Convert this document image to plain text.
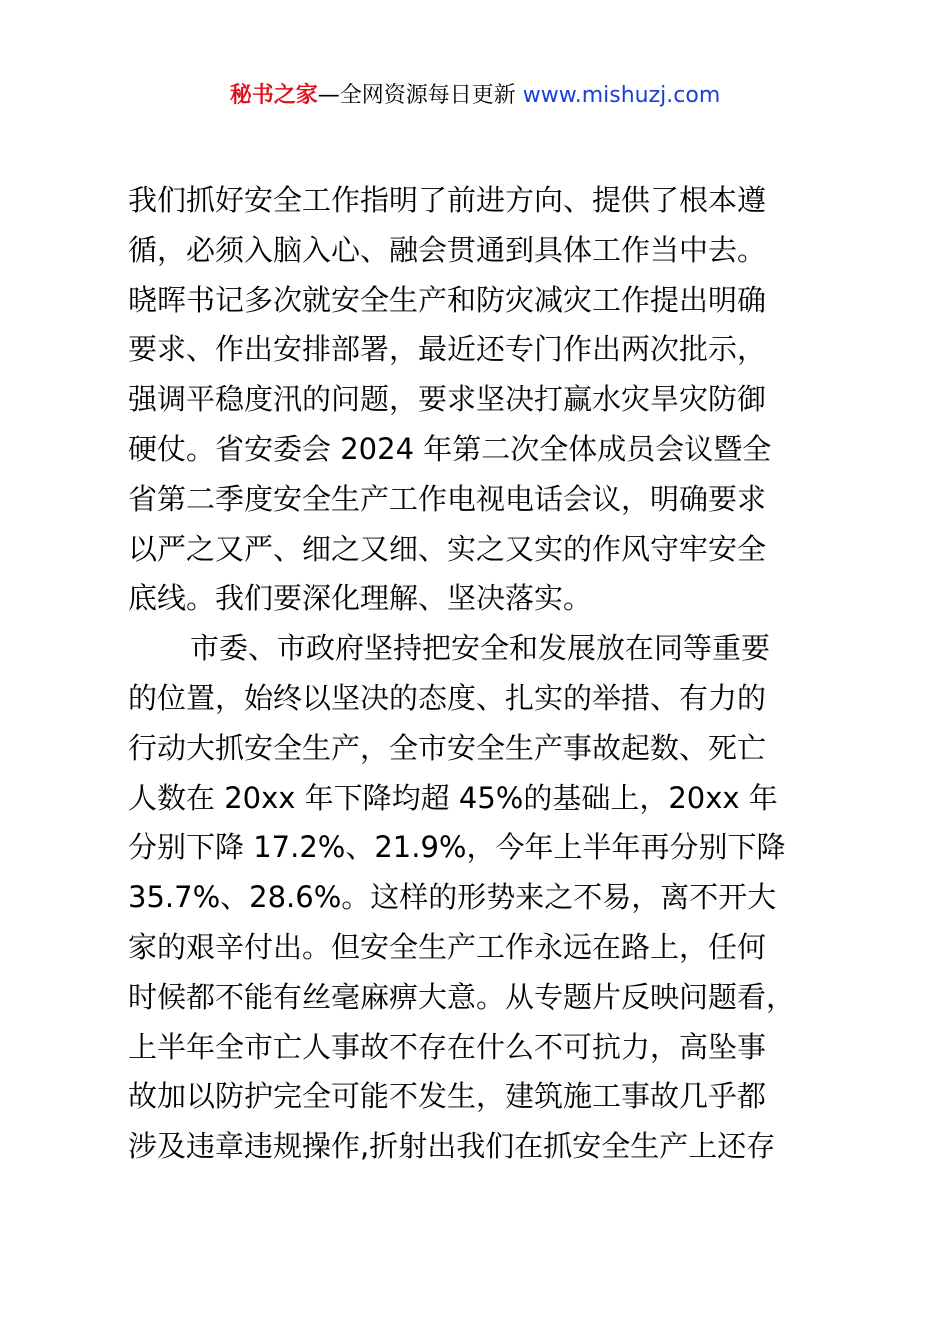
秘书之家—全网资源每日更新 www.mishuzj.com
我们抓好安全工作指明了前进方向、提供了根本遵
循，必须入脑入心、融会贯通到具体工作当中去。
晓晖书记多次就安全生产和防灾减灾工作提出明确
要求、作出安排部署，最近还专门作出两次批示，
强调平稳度汛的问题，要求坚决打赢水灾旱灾防御
硬仗。省安委会 2024 年第二次全体成员会议暨全
省第二季度安全生产工作电视电话会议，明确要求
以严之又严、细之又细、实之又实的作风守牢安全
底线。我们要深化理解、坚决落实。
市委、市政府坚持把安全和发展放在同等重要
的位置，始终以坚决的态度、扎实的举措、有力的
行动大抓安全生产，全市安全生产事故起数、死亡
人数在 20xx 年下降均超 45%的基础上，20xx 年
分别下降 17.2%、21.9%，今年上半年再分别下降
35.7%、28.6%。这样的形势来之不易，离不开大
家的艰辛付出。但安全生产工作永远在路上，任何
时候都不能有丝毫麻痹大意。从专题片反映问题看，
上半年全市亡人事故不存在什么不可抗力，高坠事
故加以防护完全可能不发生，建筑施工事故几乎都
涉及违章违规操作,折射出我们在抓安全生产上还存
